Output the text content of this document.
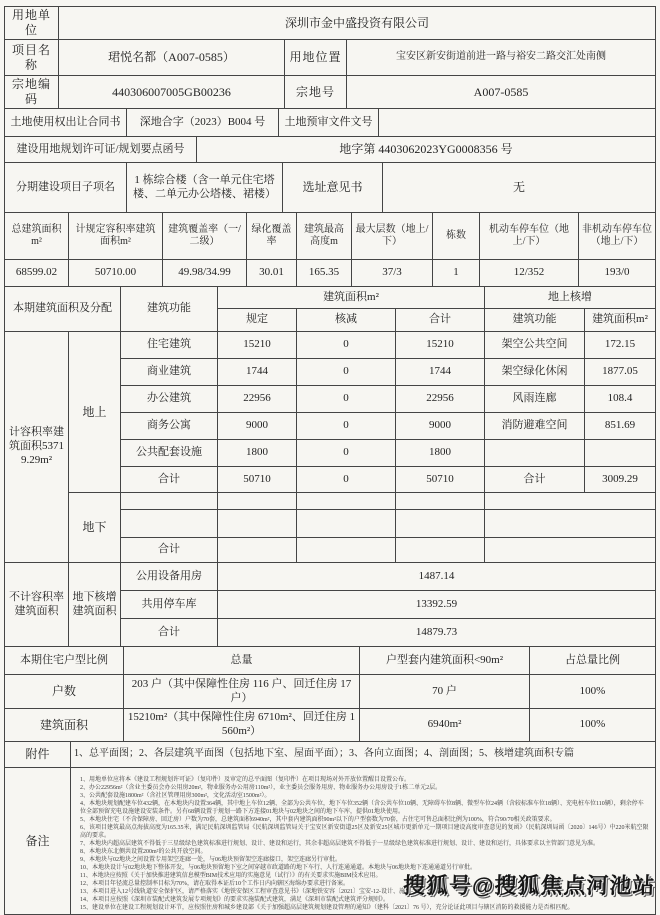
用地单位	深圳市金中盛投资有限公司
项目名称	珺悦名都（A007-0585）	用地位置	宝安区新安街道前进一路与裕安二路交汇处南侧
宗地编码	440306007005GB00236	宗地号	A007-0585
土地使用权出让合同书	深地合字（2023）B004 号	土地预审文件文号	
建设用地规划许可证/规划要点函号	地字第 4403062023YG0008356 号
分期建设项目子项名	1 栋综合楼（含一单元住宅塔楼、二单元办公塔楼、裙楼）	选址意见书	无
总建筑面积m²	计规定容积率建筑面积m²	建筑覆盖率（一/二级）	绿化覆盖率	建筑最高高度m	最大层数（地上/下）	栋数	机动车停车位（地上/下）	非机动车停车位（地上/下）
68599.02	50710.00	49.98/34.99	30.01	165.35	37/3	1	12/352	193/0
本期建筑面积及分配		建筑功能	建筑面积m²			地上核增	
			规定	核减	合计	建筑功能	建筑面积m²
计容积率建筑面积53719.29m²	地上	住宅建筑	15210	0	15210	架空公共空间	172.15
		商业建筑	1744	0	1744	架空绿化休闲	1877.05
		办公建筑	22956	0	22956	风雨连廊	108.4
		商务公寓	9000	0	9000	消防避难空间	851.69
		公共配套设施	1800	0	1800		
		合计	50710	0	50710	合计	3009.29
	地下						

		合计					
不计容积率建筑面积	地下核增建筑面积	公用设备用房	1487.14				
		共用停车库	13392.59				
		合计	14879.73				
本期住宅户型比例	总量	户型套内建筑面积<90m²	占总量比例
户数	203 户（其中保障性住房 116 户、回迁住房 17 户）	70 户	100%
建筑面积	15210m²（其中保障性住房 6710m²、回迁住房 1560m²）	6940m²	100%
附件	1、总平面图；2、各层建筑平面图（包括地下室、屋面平面）；3、各向立面图；4、剖面图；5、核增建筑面积专篇
备注	
1、用地单位应将本《建设工程规划许可证》（复印件）及审定的总平面图（复印件）在项目现场对外开放位置醒目设置公布。
2、办公22956m²（含业主委员会办公用房20m²，物业服务办公用房110m²），业主委员会服务用房、物业服务办公用房设于1栋二单元2层。
3、公共配套设施1800m²（含社区管理用房300m²，文化活动室1500m²）。
4、本地块规划配建车位432辆，在本地块内设置364辆，其中地上车位12辆、全部为公共车位，地下车位352辆（含公共车位10辆、无障碍车位8辆、微型车位24辆（含较标准车位18辆）、充电桩车位110辆），剩余停车位全部预留充电设施建设安装条件。另有68辆设置于规划一路下方连接01地块与02地块之间的地下车库，提供01地块使用。
5、本地块住宅（不含保障房、回迁房）户数为70套，总建筑面积6940m²，其中套内建筑面积90m²以下的户型套数为70套，占住宅可售总面积比例为100%，符合90/70相关政策要求。
6、该项目建筑最高点海拔高度为165.35米，满足民航深圳监管局《民航深圳监管局关于宝安区新安街道25区及新安25区城市更新单元一期项目建设高度审查意见的复函》（民航深圳局函〔2020〕146号）中220米航空限高的要求。
7、本地块内超高层建筑不得低于三星级绿色建筑标准进行规划、设计、建设和运行，其余非超高层建筑不得低于一星级绿色建筑标准进行规划、设计、建设和运行，具体要求以主管部门意见为准。
8、本地块东北侧共设置200m²的公共开放空间。
9、本地块与02地块之间设置专用架空连廊一处，与06地块预留架空连廊接口，架空连廊另行审批。
10、本地块设计与02地块地下整体开发，与06地块预留地下室之间穿越市政道路的地下车行、人行连通通道。本地块与06地块地下连通通道另行审批。
11、本地块应按照《关于加快推进建筑信息模型BIM技术应用的实施意见（试行）》的有关要求实施BIM技术应用。
12、本项目年径流总量控制率目标为70%，请在取得本证后10个工作日内向辖区海绵办要求进行备案。
13、本项目进入12号线轨道安全保护区，请严格落实《地铁安保区工程审查意见书》（深地铁安容〔2021〕宝安-12-设计、施工-3号）要求。
14、本项目应按照《深圳市装配式建筑发展专项规划》的要求实施装配式建筑，满足《深圳市装配式建筑评分规则》。
15、建设单位在建设工程规划设计环节，应按照住房和城乡建设部《关于加强超高层建筑规划建设管理的通知》（建科〔2021〕76 号），充分论证此项目与辖区消防的救援能力是否相匹配。
搜狐号@搜狐焦点河池站
